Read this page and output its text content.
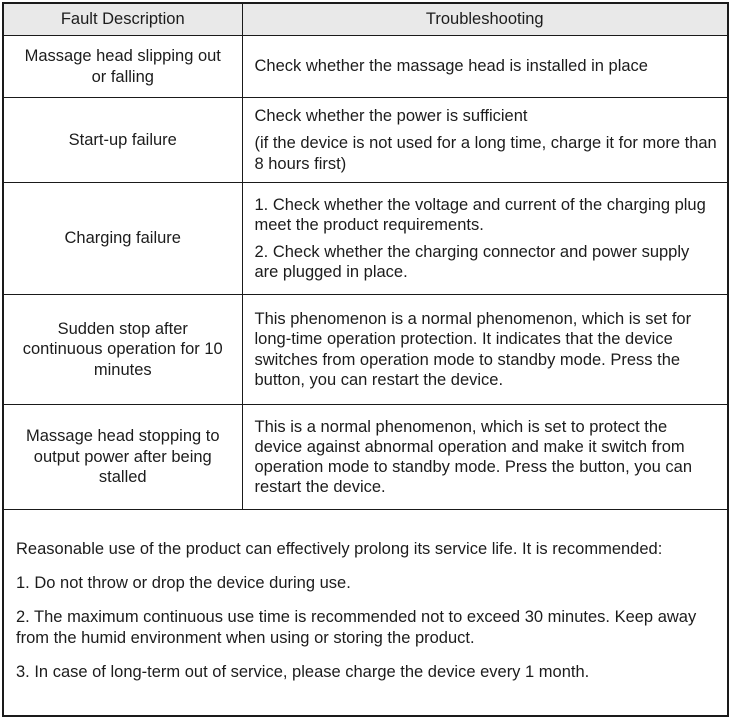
Fault Description	Troubleshooting
Massage head slipping out or falling	Check whether the massage head is installed in place

Start-up failure	Check whether the power is sufficient

(if the device is not used for a long time, charge it for more than 8 hours first)

Charging failure	1. Check whether the voltage and current of the charging plug meet the product requirements.

2. Check whether the charging connector and power supply are plugged in place.

Sudden stop after continuous operation for 10 minutes	This phenomenon is a normal phenomenon, which is set for long-time operation protection. It indicates that the device switches from operation mode to standby mode. Press the button, you can restart the device.

Massage head stopping to output power after being stalled	This is a normal phenomenon, which is set to protect the device against abnormal operation and make it switch from operation mode to standby mode. Press the button, you can restart the device.

Reasonable use of the product can effectively prolong its service life. It is recommended:

1. Do not throw or drop the device during use.

2. The maximum continuous use time is recommended not to exceed 30 minutes. Keep away from the humid environment when using or storing the product.

3. In case of long-term out of service, please charge the device every 1 month.	
